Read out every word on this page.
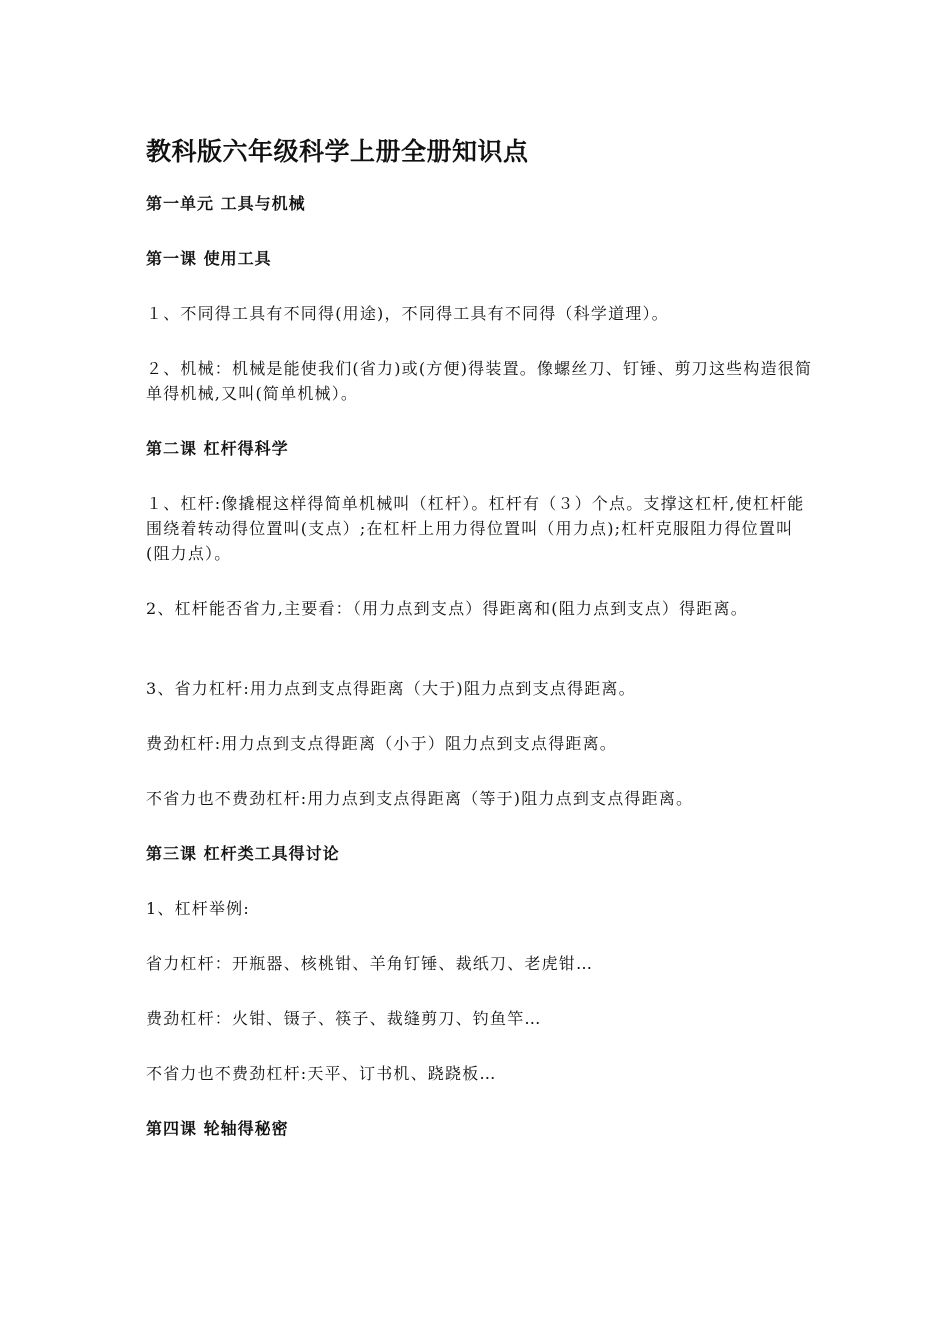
教科版六年级科学上册全册知识点
第一单元 工具与机械
第一课 使用工具

１、不同得工具有不同得(用途)，不同得工具有不同得（科学道理）。

２、机械：机械是能使我们(省力)或(方便)得装置。像螺丝刀、钉锤、剪刀这些构造很简单得机械,又叫(简单机械）。

第二课 杠杆得科学

１、杠杆:像撬棍这样得简单机械叫（杠杆）。杠杆有（３）个点。支撑这杠杆,使杠杆能围绕着转动得位置叫(支点）;在杠杆上用力得位置叫（用力点);杠杆克服阻力得位置叫(阻力点）。

2、杠杆能否省力,主要看：（用力点到支点）得距离和(阻力点到支点）得距离。

3、省力杠杆:用力点到支点得距离（大于)阻力点到支点得距离。

费劲杠杆:用力点到支点得距离（小于）阻力点到支点得距离。

不省力也不费劲杠杆:用力点到支点得距离（等于)阻力点到支点得距离。

第三课 杠杆类工具得讨论

1、杠杆举例:

省力杠杆：开瓶器、核桃钳、羊角钉锤、裁纸刀、老虎钳…

费劲杠杆：火钳、镊子、筷子、裁缝剪刀、钓鱼竿…

不省力也不费劲杠杆:天平、订书机、跷跷板…

第四课 轮轴得秘密
